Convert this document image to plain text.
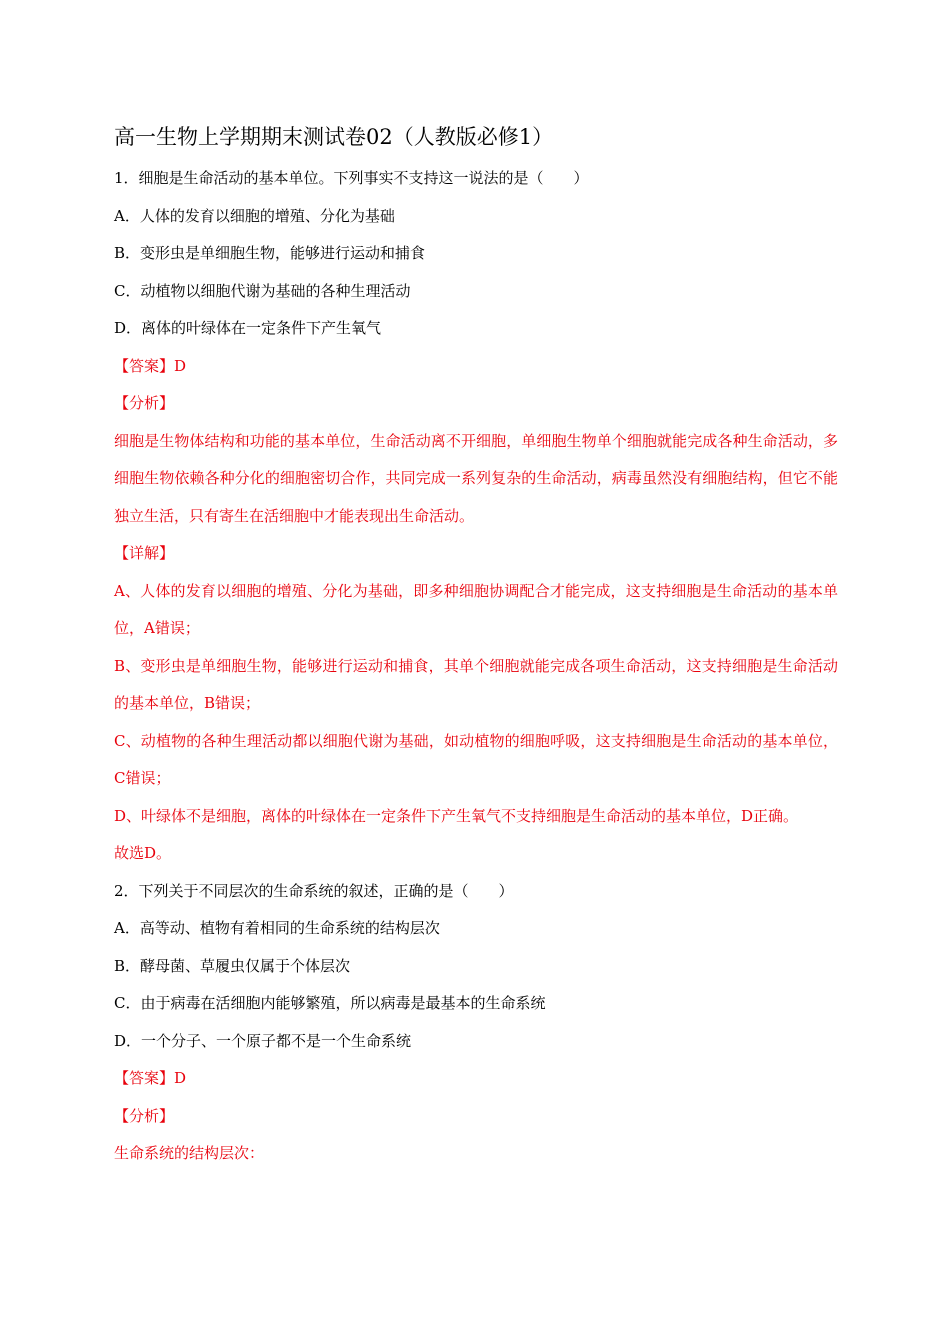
高一生物上学期期末测试卷02（人教版必修1）
1．细胞是生命活动的基本单位。下列事实不支持这一说法的是（　　）
A．人体的发育以细胞的增殖、分化为基础
B．变形虫是单细胞生物，能够进行运动和捕食
C．动植物以细胞代谢为基础的各种生理活动
D．离体的叶绿体在一定条件下产生氧气
【答案】D
【分析】

细胞是生物体结构和功能的基本单位，生命活动离不开细胞，单细胞生物单个细胞就能完成各种生命活动，多细胞生物依赖各种分化的细胞密切合作，共同完成一系列复杂的生命活动，病毒虽然没有细胞结构，但它不能独立生活，只有寄生在活细胞中才能表现出生命活动。

【详解】

A、人体的发育以细胞的增殖、分化为基础，即多种细胞协调配合才能完成，这支持细胞是生命活动的基本单位，A错误；

B、变形虫是单细胞生物，能够进行运动和捕食，其单个细胞就能完成各项生命活动，这支持细胞是生命活动的基本单位，B错误；

C、动植物的各种生理活动都以细胞代谢为基础，如动植物的细胞呼吸，这支持细胞是生命活动的基本单位，C错误；

D、叶绿体不是细胞，离体的叶绿体在一定条件下产生氧气不支持细胞是生命活动的基本单位，D正确。

故选D。
2．下列关于不同层次的生命系统的叙述，正确的是（　　）
A．高等动、植物有着相同的生命系统的结构层次
B．酵母菌、草履虫仅属于个体层次
C．由于病毒在活细胞内能够繁殖，所以病毒是最基本的生命系统
D．一个分子、一个原子都不是一个生命系统
【答案】D
【分析】
生命系统的结构层次：
